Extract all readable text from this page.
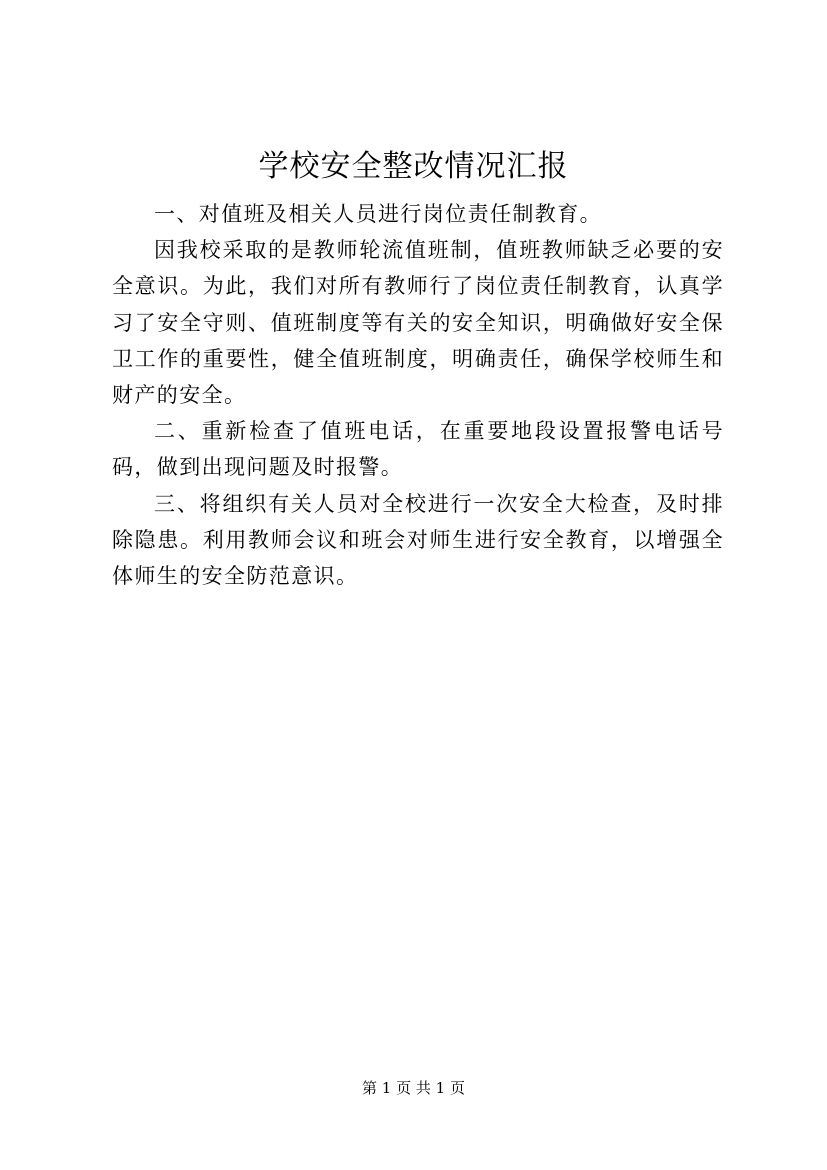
学校安全整改情况汇报

一、对值班及相关人员进行岗位责任制教育。

因我校采取的是教师轮流值班制，值班教师缺乏必要的安全意识。为此，我们对所有教师行了岗位责任制教育，认真学习了安全守则、值班制度等有关的安全知识，明确做好安全保卫工作的重要性，健全值班制度，明确责任，确保学校师生和财产的安全。

二、重新检查了值班电话，在重要地段设置报警电话号码，做到出现问题及时报警。

三、将组织有关人员对全校进行一次安全大检查，及时排除隐患。利用教师会议和班会对师生进行安全教育，以增强全体师生的安全防范意识。

第 1 页 共 1 页
